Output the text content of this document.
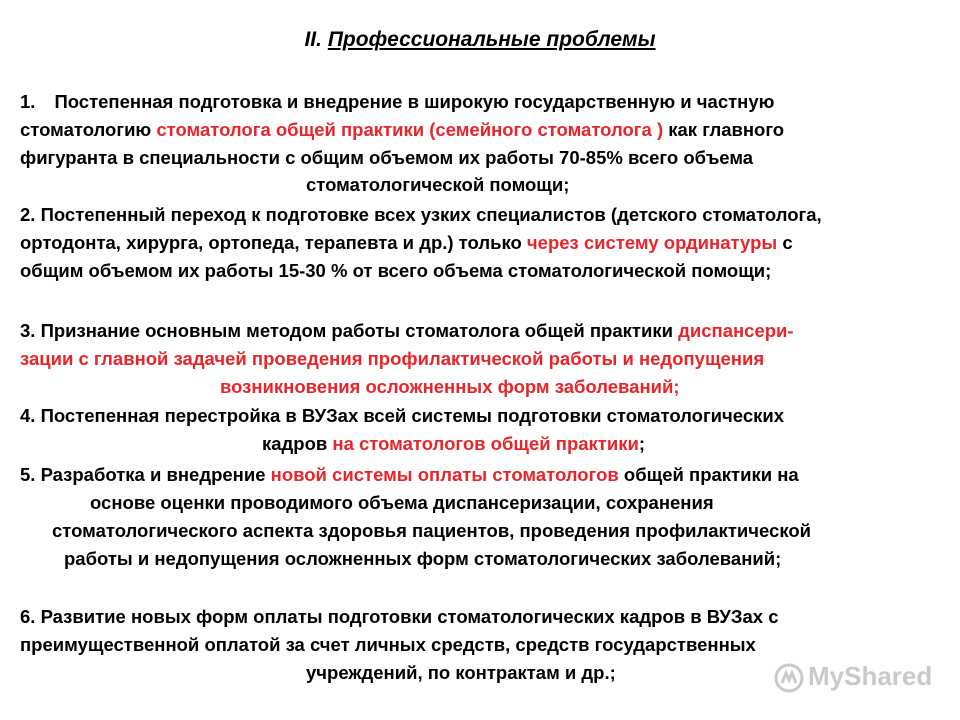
II. Профессиональные проблемы
1. Постепенная подготовка и внедрение в широкую государственную и частную
стоматологию стоматолога общей практики (семейного стоматолога ) как главного
фигуранта в специальности с общим объемом их работы 70-85% всего объема
стоматологической помощи;
2. Постепенный переход к подготовке всех узких специалистов (детского стоматолога,
ортодонта, хирурга, ортопеда, терапевта и др.) только через систему ординатуры с
общим объемом их работы 15-30 % от всего объема стоматологической помощи;
3. Признание основным методом работы стоматолога общей практики диспансери-
зации с главной задачей проведения профилактической работы и недопущения
возникновения осложненных форм заболеваний;
4. Постепенная перестройка в ВУЗах всей системы подготовки стоматологических
кадров на стоматологов общей практики;
5. Разработка и внедрение новой системы оплаты стоматологов общей практики на
основе оценки проводимого объема диспансеризации, сохранения
стоматологического аспекта здоровья пациентов, проведения профилактической
работы и недопущения осложненных форм стоматологических заболеваний;
6. Развитие новых форм оплаты подготовки стоматологических кадров в ВУЗах с
преимущественной оплатой за счет личных средств, средств государственных
учреждений, по контрактам и др.;	MyShared
